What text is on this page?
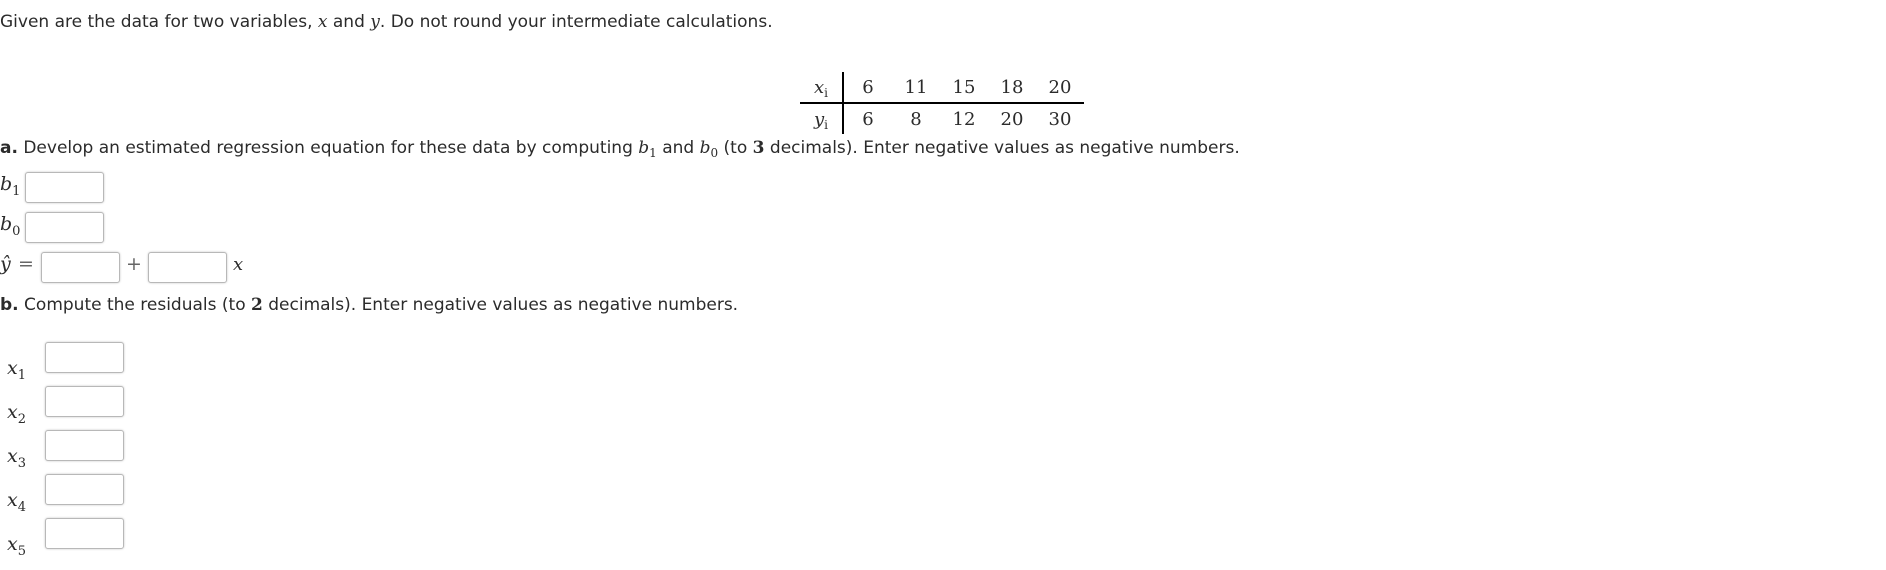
Given are the data for two variables, x and y. Do not round your intermediate calculations.
$x_i$	6	11	15	18	20
$y_i$	6	8	12	20	30
a. Develop an estimated regression equation for these data by computing $b_1$ and $b_0$ (to 3 decimals). Enter negative values as negative numbers.
$b_1$
$b_0$
ŷ =	+	x
b. Compute the residuals (to 2 decimals). Enter negative values as negative numbers.
$x_1$
$x_2$
$x_3$
$x_4$
$x_5$
